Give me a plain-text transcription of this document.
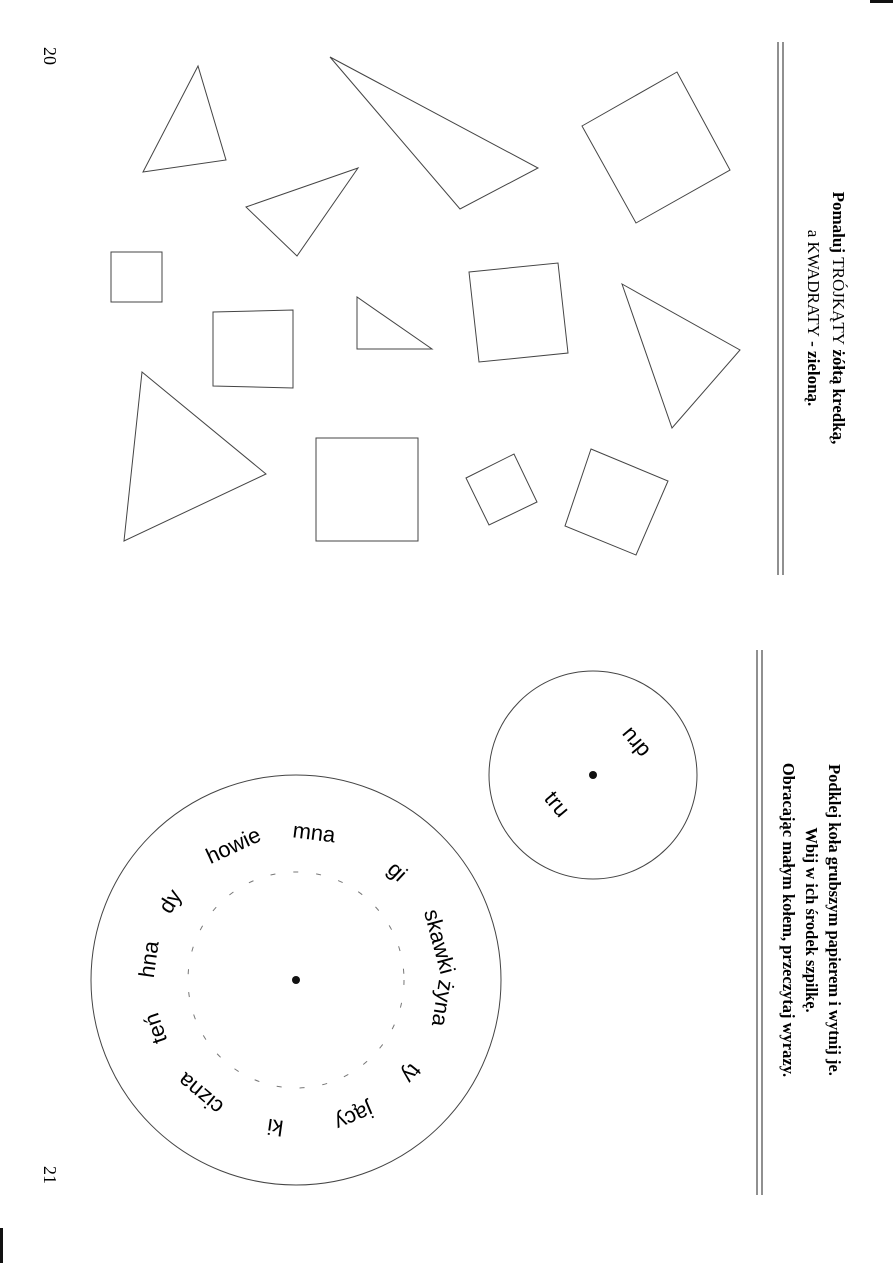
20
21
Pomaluj TRÓJKĄTY żółtą kredką,
a KWADRATY - zieloną.
Podklej koła grubszym papierem i wytnij je.
Wbij w ich środek szpilkę.
Obracając małym kołem, przeczytaj wyrazy.
dru
tru
hna
teń
cizna
ki jący
ty
żyna
skawki
gi
mna
howie
dy
